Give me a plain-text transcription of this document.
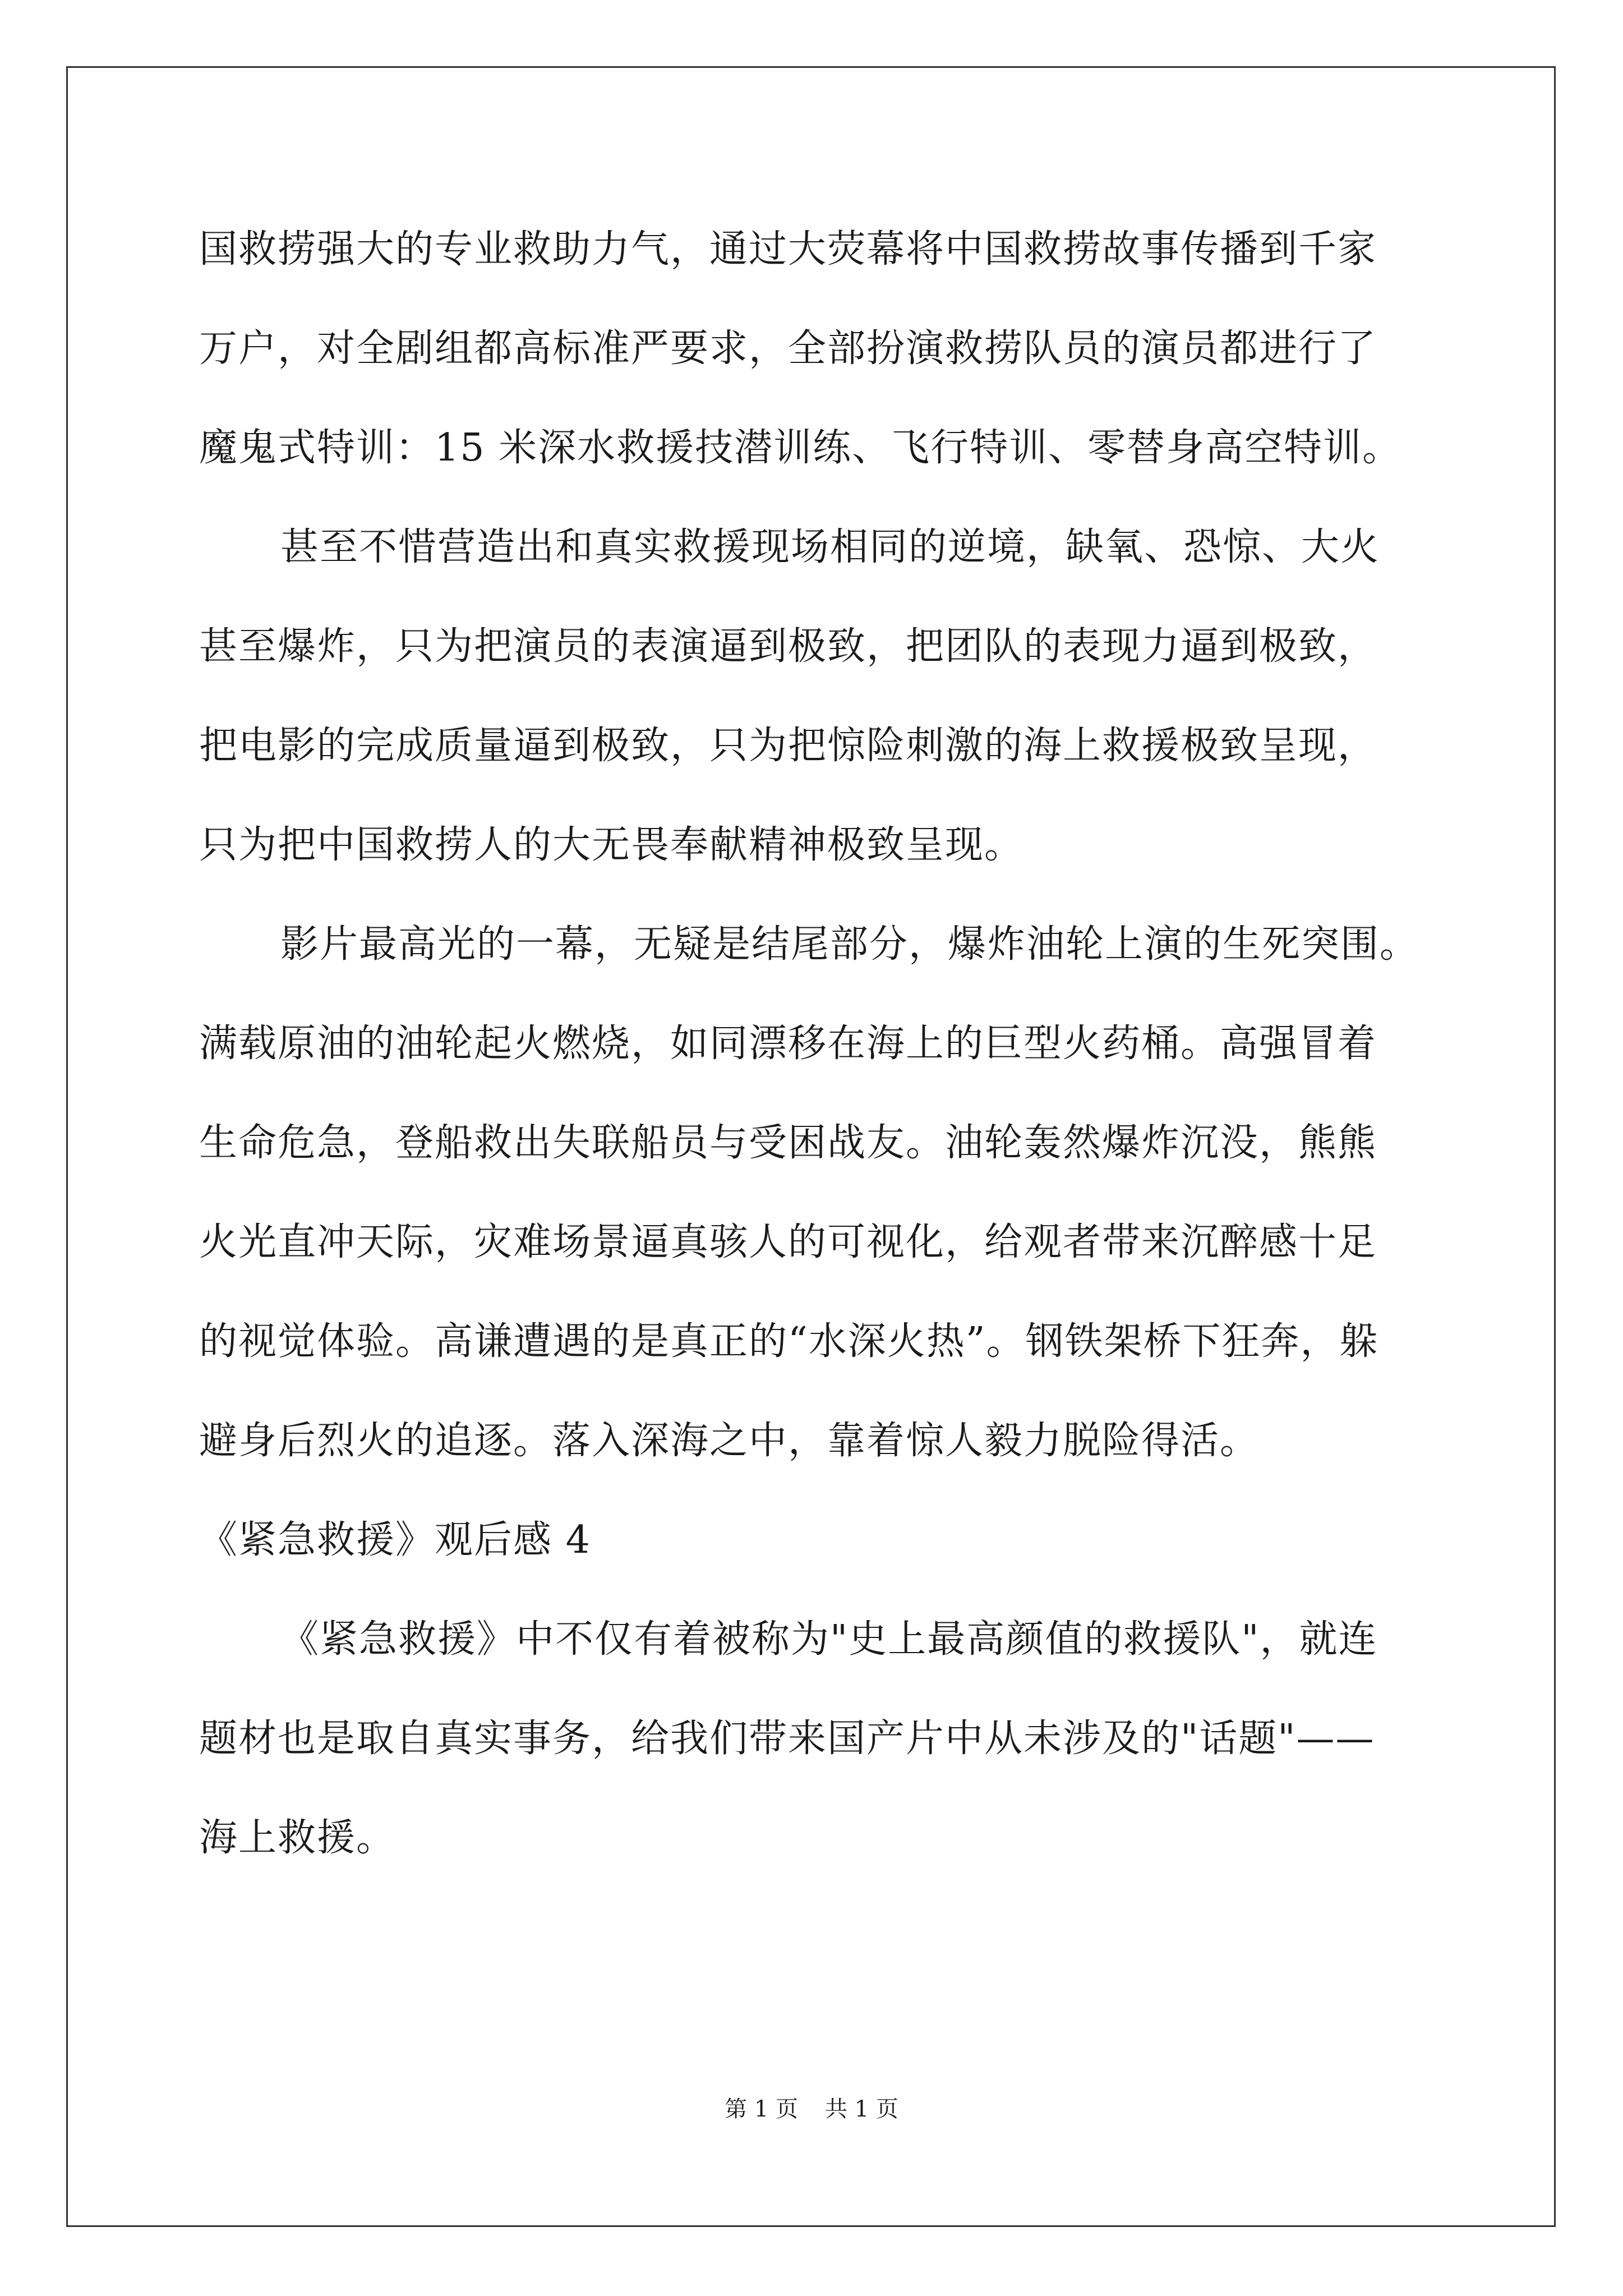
国救捞强大的专业救助力气，通过大荧幕将中国救捞故事传播到千家
万户，对全剧组都高标准严要求，全部扮演救捞队员的演员都进行了
魔鬼式特训：15 米深水救援技潜训练、飞行特训、零替身高空特训。
甚至不惜营造出和真实救援现场相同的逆境，缺氧、恐惊、大火
甚至爆炸，只为把演员的表演逼到极致，把团队的表现力逼到极致，
把电影的完成质量逼到极致，只为把惊险刺激的海上救援极致呈现，
只为把中国救捞人的大无畏奉献精神极致呈现。
影片最高光的一幕，无疑是结尾部分，爆炸油轮上演的生死突围。
满载原油的油轮起火燃烧，如同漂移在海上的巨型火药桶。高强冒着
生命危急，登船救出失联船员与受困战友。油轮轰然爆炸沉没，熊熊
火光直冲天际，灾难场景逼真骇人的可视化，给观者带来沉醉感十足
的视觉体验。高谦遭遇的是真正的“水深火热”。钢铁架桥下狂奔，躲
避身后烈火的追逐。落入深海之中，靠着惊人毅力脱险得活。
《紧急救援》观后感 4
《紧急救援》中不仅有着被称为"史上最高颜值的救援队"，就连
题材也是取自真实事务，给我们带来国产片中从未涉及的"话题"——
海上救援。
第 1 页 共 1 页
